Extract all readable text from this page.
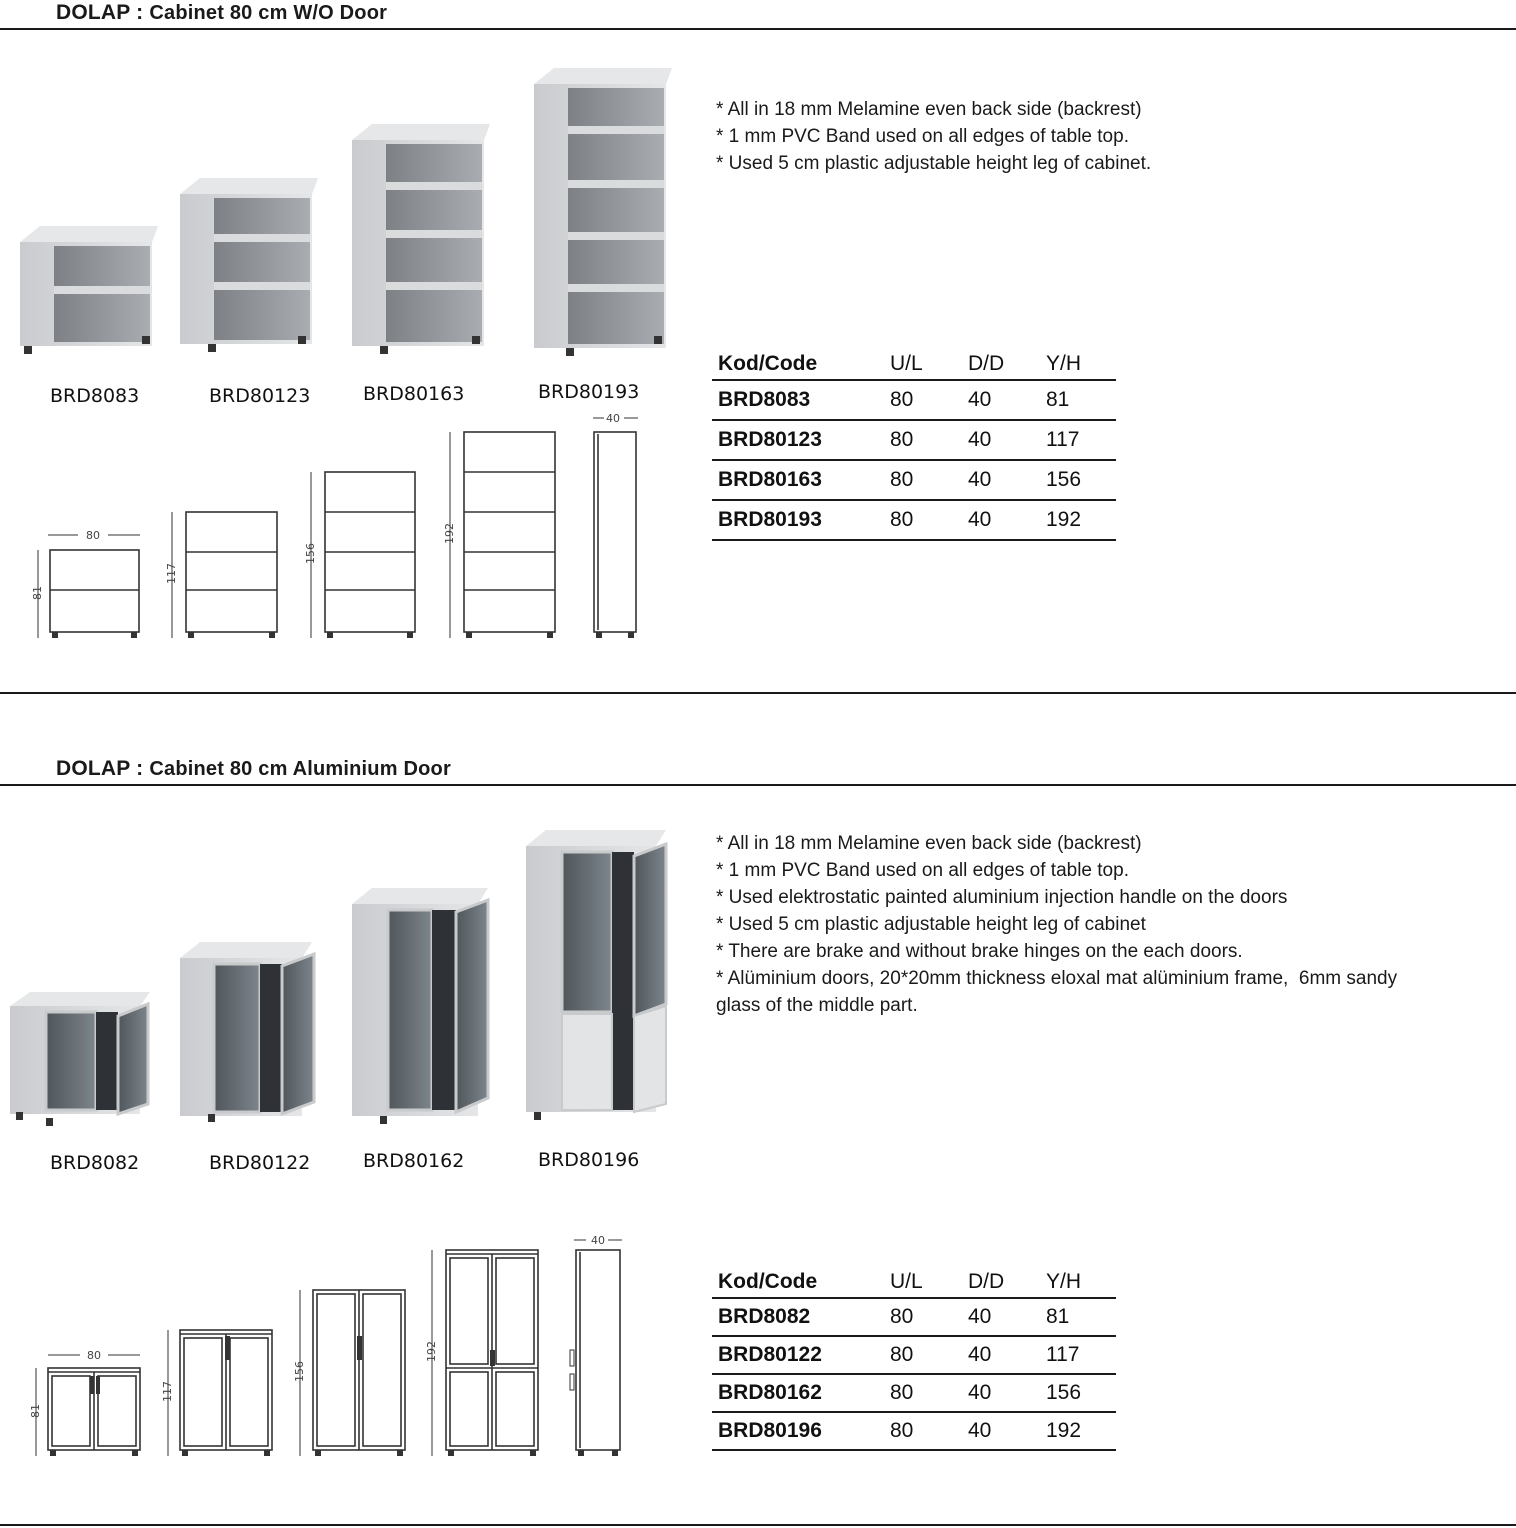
DOLAP : Cabinet 80 cm W/O Door
BRD8083	BRD80123	BRD80163	BRD80193
80
40
81
117
156
192
* All in 18 mm Melamine even back side (backrest)
* 1 mm PVC Band used on all edges of table top.
* Used 5 cm plastic adjustable height leg of cabinet.
Kod/Code	U/L	D/D	Y/H
BRD8083	80	40	81
BRD80123	80	40	117
BRD80163	80	40	156
BRD80193	80	40	192
DOLAP : Cabinet 80 cm Aluminium Door
BRD8082	BRD80122	BRD80162	BRD80196
80
40
81
117
156
192
* All in 18 mm Melamine even back side (backrest)
* 1 mm PVC Band used on all edges of table top.
* Used elektrostatic painted aluminium injection handle on the doors
* Used 5 cm plastic adjustable height leg of cabinet
* There are brake and without brake hinges on the each doors.
* Alüminium doors, 20*20mm thickness eloxal mat alüminium frame,  6mm sandy
glass of the middle part.
Kod/Code	U/L	D/D	Y/H
BRD8082	80	40	81
BRD80122	80	40	117
BRD80162	80	40	156
BRD80196	80	40	192
